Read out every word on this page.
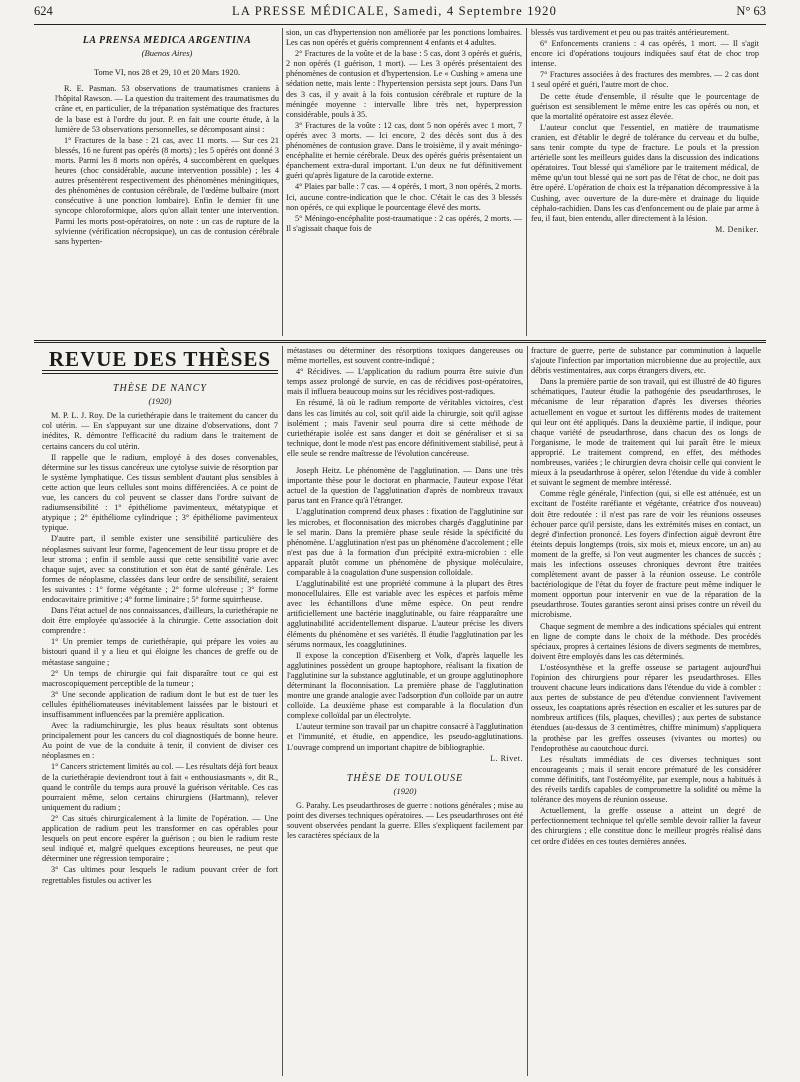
624	LA PRESSE MÉDICALE, Samedi, 4 Septembre 1920	N° 63
LA PRENSA MEDICA ARGENTINA
(Buenos Aires)
Tome VI, nos 28 et 29, 10 et 20 Mars 1920.

R. E. Pasman. 53 observations de traumatismes craniens à l'hôpital Rawson. — La question du traitement des traumatismes du crâne et, en particulier, de la trépanation systématique des fractures de la base est à l'ordre du jour. P. en fait une courte étude, à la lumière de 53 observations personnelles, se décomposant ainsi :

1° Fractures de la base : 21 cas, avec 11 morts. — Sur ces 21 blessés, 16 ne furent pas opérés (8 morts) ; les 5 opérés ont donné 3 morts. Parmi les 8 morts non opérés, 4 succombèrent en quelques heures (choc considérable, aucune intervention possible) ; les 4 autres présentèrent respectivement des phénomènes méningitiques, des phénomènes de contusion cérébrale, de l'œdème bulbaire (mort consécutive à une ponction lombaire). Enfin le dernier fit une syncope chloroformique, alors qu'on allait tenter une intervention. Parmi les morts post-opératoires, on note : un cas de rupture de la sylvienne (vérification nécropsique), un cas de contusion cérébrale sans hyperten-

sion, un cas d'hypertension non améliorée par les ponctions lombaires. Les cas non opérés et guéris comprennent 4 enfants et 4 adultes.

2° Fractures de la voûte et de la base : 5 cas, dont 3 opérés et guéris, 2 non opérés (1 guérison, 1 mort). — Les 3 opérés présentaient des phénomènes de contusion et d'hypertension. Le « Cushing » amena une sédation nette, mais lente : l'hypertension persista sept jours. Dans l'un des 3 cas, il y avait à la fois contusion cérébrale et rupture de la méningée moyenne : intervalle libre très net, hyperpression considérable, pouls à 35.

3° Fractures de la voûte : 12 cas, dont 5 non opérés avec 1 mort, 7 opérés avec 3 morts. — Ici encore, 2 des décès sont dus à des phénomènes de contusion grave. Dans le troisième, il y avait méningo-encéphalite et hernie cérébrale. Deux des opérés guéris présentaient un épanchement extra-dural important. L'un deux ne fut définitivement guéri qu'après ligature de la carotide externe.

4° Plaies par balle : 7 cas. — 4 opérés, 1 mort, 3 non opérés, 2 morts. Ici, aucune contre-indication que le choc. C'était le cas des 3 blessés non opérés, ce qui explique le pourcentage élevé des morts.

5° Méningo-encéphalite post-traumatique : 2 cas opérés, 2 morts. — Il s'agissait chaque fois de

blessés vus tardivement et peu ou pas traités antérieurement.

6° Enfoncements craniens : 4 cas opérés, 1 mort. — Il s'agit encore ici d'opérations toujours indiquées sauf état de choc trop intense.

7° Fractures associées à des fractures des membres. — 2 cas dont 1 seul opéré et guéri, l'autre mort de choc.

De cette étude d'ensemble, il résulte que le pourcentage de guérison est sensiblement le même entre les cas opérés ou non, et que la mortalité opératoire est assez élevée.

L'auteur conclut que l'essentiel, en matière de traumatisme cranien, est d'établir le degré de tolérance du cerveau et du bulbe, sans tenir compte du type de fracture. Le pouls et la pression artérielle sont les meilleurs guides dans la discussion des indications opératoires. Tout blessé qui s'améliore par le traitement médical, de même qu'un tout blessé qui ne sort pas de l'état de choc, ne doit pas être opéré. L'opération de choix est la trépanation décompressive à la Cushing, avec ouverture de la dure-mère et drainage du liquide céphalo-rachidien. Dans les cas d'enfoncement ou de plaie par arme à feu, il faut, bien entendu, aller directement à la lésion.

M. Deniker.
REVUE DES THÈSES
THÈSE DE NANCY
(1920)

M. P. L. J. Roy. De la curiethérapie dans le traitement du cancer du col utérin. — En s'appuyant sur une dizaine d'observations, dont 7 inédites, R. démontre l'efficacité du radium dans le traitement de certains cancers du col utérin.

Il rappelle que le radium, employé à des doses convenables, détermine sur les tissus cancéreux une cytolyse suivie de résorption par le système lymphatique. Ces tissus semblent d'autant plus sensibles à cette action que leurs cellules sont moins différenciées. A ce point de vue, les cancers du col peuvent se classer dans l'ordre suivant de radiumsensibilité : 1° épithéliome pavimenteux, métatypique et atypique ; 2° épithéliome cylindrique ; 3° épithéliome pavimenteux typique.

D'autre part, il semble exister une sensibilité particulière des néoplasmes suivant leur forme, l'agencement de leur tissu propre et de leur stroma ; enfin il semble aussi que cette sensibilité varie avec chaque sujet, avec sa constitution et son état de santé générale. Les formes de néoplasme, classées dans leur ordre de sensibilité, seraient les suivantes : 1° forme végétante ; 2° forme ulcéreuse ; 3° forme endocavitaire primitive ; 4° forme liminaire ; 5° forme squirrheuse.

Dans l'état actuel de nos connaissances, d'ailleurs, la curiethérapie ne doit être employée qu'associée à la chirurgie. Cette association doit comprendre :

1° Un premier temps de curiethérapie, qui prépare les voies au bistouri quand il y a lieu et qui éloigne les chances de greffe ou de métastase sanguine ;

2° Un temps de chirurgie qui fait disparaître tout ce qui est macroscopiquement perceptible de la tumeur ;

3° Une seconde application de radium dont le but est de tuer les cellules épithéliomateuses inévitablement laissées par le bistouri et insuffisamment influencées par la première application.

Avec la radiumchirurgie, les plus beaux résultats sont obtenus principalement pour les cancers du col diagnostiqués de bonne heure. Au point de vue de la conduite à tenir, il convient de diviser ces néoplasmes en :

1° Cancers strictement limités au col. — Les résultats déjà fort beaux de la curiethérapie deviendront tout à fait « enthousiasmants », dit R., quand le contrôle du temps aura prouvé la guérison véritable. Ces cas pourraient même, selon certains chirurgiens (Hartmann), relever uniquement du radium ;

2° Cas situés chirurgicalement à la limite de l'opération. — Une application de radium peut les transformer en cas opérables pour lesquels on peut encore espérer la guérison ; ou bien le radium reste seul indiqué et, malgré quelques exceptions heureuses, ne peut que déterminer une régression temporaire ;

3° Cas ultimes pour lesquels le radium pouvant créer de fort regrettables fistules ou activer les

métastases ou déterminer des résorptions toxiques dangereuses ou même mortelles, est souvent contre-indiqué ;

4° Récidives. — L'application du radium pourra être suivie d'un temps assez prolongé de survie, en cas de récidives post-opératoires, mais il influera beaucoup moins sur les récidives post-radiques.

En résumé, là où le radium remporte de véritables victoires, c'est dans les cas limités au col, soit qu'il aide la chirurgie, soit qu'il agisse isolément ; mais l'avenir seul pourra dire si cette méthode de curiethérapie isolée est sans danger et doit se généraliser et si sa technique, dont le mode n'est pas encore définitivement stabilisé, peut à elle seule se rendre maîtresse de l'évolution cancéreuse.

Joseph Heitz. Le phénomène de l'agglutination. — Dans une très importante thèse pour le doctorat en pharmacie, l'auteur expose l'état actuel de la question de l'agglutination d'après de nombreux travaux parus tant en France qu'à l'étranger.

L'agglutination comprend deux phases : fixation de l'agglutinine sur les microbes, et floconnisation des microbes chargés d'agglutinine par le sel marin. Dans la première phase seule réside la spécificité du phénomène. L'agglutination n'est pas un phénomène d'accolement ; elle n'est pas due à la formation d'un précipité extra-microbien : elle apparaît plutôt comme un phénomène de physique moléculaire, comparable à la coagulation d'une suspension colloïdale.

L'agglutinabilité est une propriété commune à la plupart des êtres monocellulaires. Elle est variable avec les espèces et parfois même avec les échantillons d'une même espèce. On peut rendre artificiellement une bactérie inagglutinable, ou faire réapparaître une agglutinabilité accidentellement disparue. L'auteur précise les divers éléments du phénomène et ses variétés. Il étudie l'agglutination par les sérums normaux, les coagglutinines.

Il expose la conception d'Eisenberg et Volk, d'après laquelle les agglutinines possèdent un groupe haptophore, réalisant la fixation de l'agglutinine sur la substance agglutinable, et un groupe agglutinophore déterminant la floconnisation. La première phase de l'agglutination montre une grande analogie avec l'adsorption d'un colloïde par un autre colloïde. La deuxième phase est comparable à la floculation d'un complexe colloïdal par un électrolyte.

L'auteur termine son travail par un chapitre consacré à l'agglutination et l'immunité, et étudie, en appendice, les pseudo-agglutinations. L'ouvrage comprend un important chapitre de bibliographie.

L. Rivet.
THÈSE DE TOULOUSE
(1920)

G. Parahy. Les pseudarthroses de guerre : notions générales ; mise au point des diverses techniques opératoires. — Les pseudarthroses ont été souvent observées pendant la guerre. Elles s'expliquent facilement par les caractères spéciaux de la

fracture de guerre, perte de substance par comminution à laquelle s'ajoute l'infection par importation microbienne due au projectile, aux débris vestimentaires, aux corps étrangers divers, etc.

Dans la première partie de son travail, qui est illustré de 40 figures schématiques, l'auteur étudie la pathogénie des pseudarthroses, le mécanisme de leur réparation d'après les diverses théories actuellement en vogue et surtout les différents modes de traitement qui leur ont été appliqués. Dans la deuxième partie, il indique, pour chaque variété de pseudarthrose, dans chacun des os longs de l'organisme, le mode de traitement qui lui paraît être le mieux approprié. Le traitement comprend, en effet, des méthodes nombreuses, variées ; le chirurgien devra choisir celle qui convient le mieux à la pseudarthrose à opérer, selon l'étendue du vide à combler et suivant le segment de membre intéressé.

Comme règle générale, l'infection (qui, si elle est atténuée, est un excitant de l'ostéite raréfiante et végétante, créatrice d'os nouveau) doit être redoutée : il n'est pas rare de voir les réunions osseuses échouer parce qu'il persiste, dans les extrémités mises en contact, un degré d'infection prononcé. Les foyers d'infection aiguë devront être éteints depuis longtemps (trois, six mois et, mieux encore, un an) au moment de la greffe, si l'on veut augmenter les chances de succès ; mais les infections osseuses chroniques devront être traitées complètement avant de passer à la réunion osseuse. Le contrôle bactériologique de l'état du foyer de fracture peut même indiquer le moment opportun pour intervenir en vue de la réparation de la pseudarthrose. Toutes garanties seront ainsi prises contre un réveil du microbisme.

Chaque segment de membre a des indications spéciales qui entrent en ligne de compte dans le choix de la méthode. Des procédés spéciaux, propres à certaines lésions de divers segments de membres, doivent être employés dans les cas déterminés.

L'ostéosynthèse et la greffe osseuse se partagent aujourd'hui l'opinion des chirurgiens pour réparer les pseudarthroses. Elles trouvent chacune leurs indications dans l'étendue du vide à combler : aux pertes de substance de peu d'étendue conviennent l'avivement osseux, les coaptations après résection en escalier et les sutures par de nombreux artifices (fils, plaques, chevilles) ; aux pertes de substance étendues (au-dessus de 3 centimètres, chiffre minimum) s'appliquera la prothèse par les greffes osseuses (vivantes ou mortes) ou l'endoprothèse au caoutchouc durci.

Les résultats immédiats de ces diverses techniques sont encourageants ; mais il serait encore prématuré de les considérer comme définitifs, tant l'ostéomyélite, par exemple, nous a habitués à des réveils tardifs capables de compromettre la solidité ou même la tolérance des moyens de réunion osseuse.

Actuellement, la greffe osseuse a atteint un degré de perfectionnement technique tel qu'elle semble devoir rallier la faveur des chirurgiens ; elle constitue donc le meilleur progrès réalisé dans cet ordre d'idées en ces toutes dernières années.
